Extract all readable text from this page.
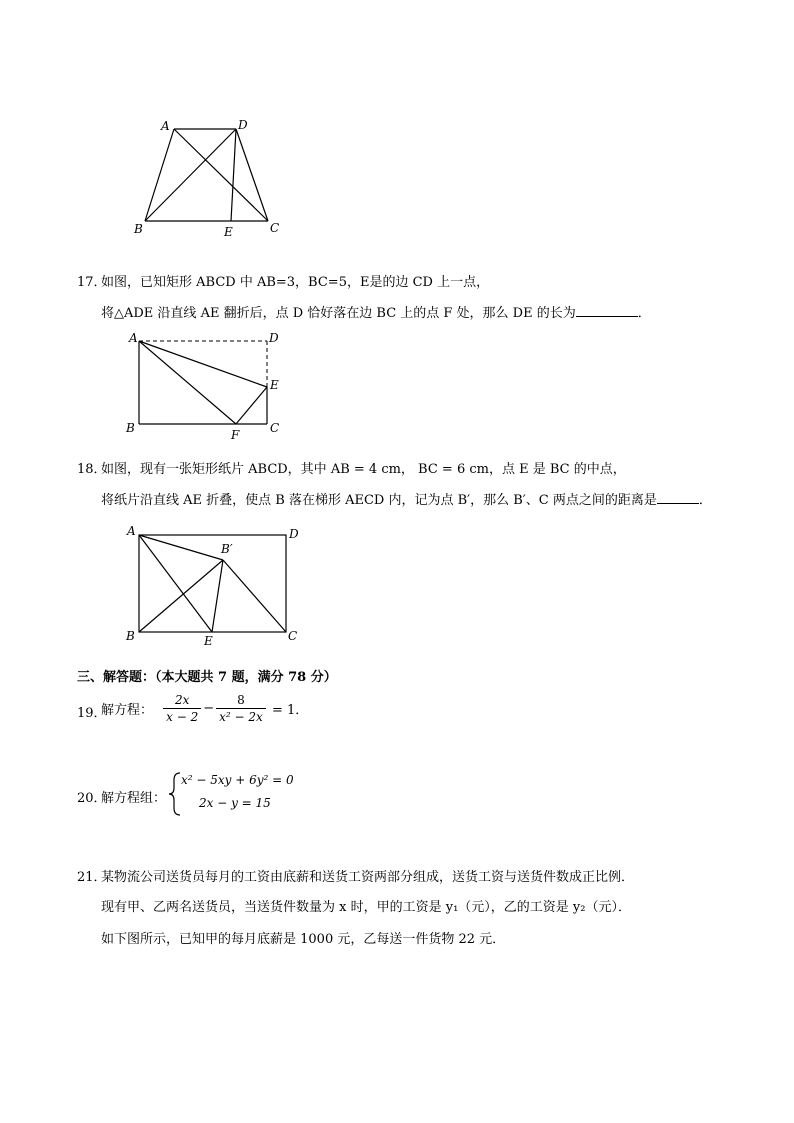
A	D
B	E	C
17．
如图，已知矩形 ABCD 中 AB=3，BC=5，E是的边 CD 上一点，
将△ADE 沿直线 AE 翻折后，点 D 恰好落在边 BC 上的点 F 处，那么 DE 的长为	．
A	D
E
B	F	C
18．
如图，现有一张矩形纸片 ABCD，其中 AB = 4 cm， BC = 6 cm，点 E 是 BC 的中点，
将纸片沿直线 AE 折叠，使点 B 落在梯形 AECD 内，记为点 B′，那么 B′、C 两点之间的距离是	．
A
B′
D
B	E	C
三、解答题：（本大题共 7 题，满分 78 分）
19．
解方程： $\frac{2x}{x - 2} - \frac{8}{\text{x² − 2x}} = 1$．
20．
解方程组：
x² − 5xy + 6y² = 0
2x − y = 15
21．
某物流公司送货员每月的工资由底薪和送货工资两部分组成，送货工资与送货件数成正比例．
现有甲、乙两名送货员，当送货件数量为 x 时，甲的工资是 y₁（元），乙的工资是 y₂（元）．
如下图所示，已知甲的每月底薪是 1000 元，乙每送一件货物 22 元．
